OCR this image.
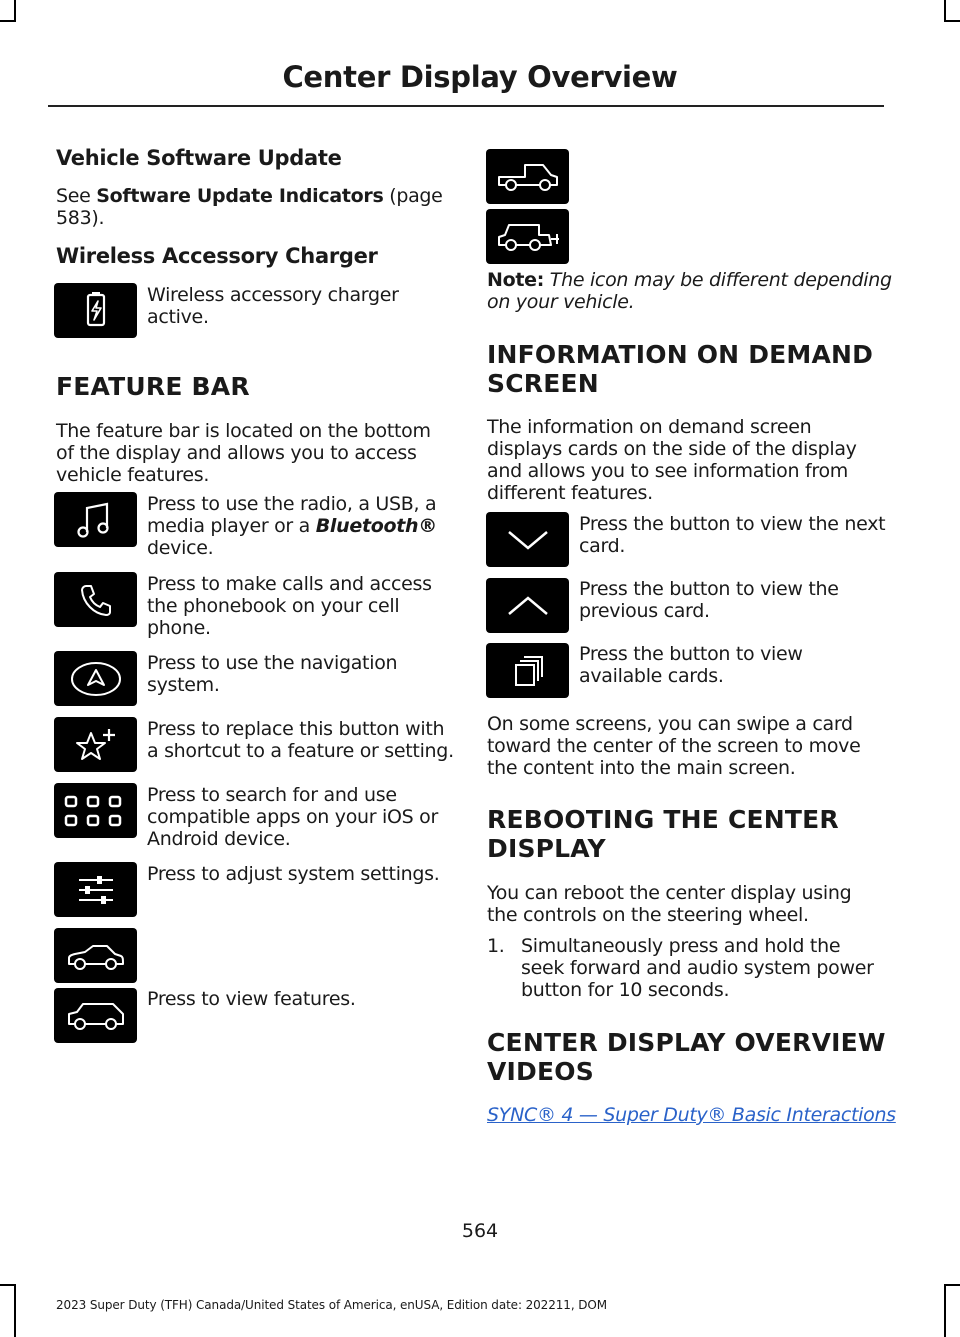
Center Display Overview
Vehicle Software Update
See Software Update Indicators (page
583).
Wireless Accessory Charger
Wireless accessory charger
active.
FEATURE BAR
The feature bar is located on the bottom
of the display and allows you to access
vehicle features.
Press to use the radio, a USB, a
media player or a Bluetooth®
device.
Press to make calls and access
the phonebook on your cell
phone.
Press to use the navigation
system.
Press to replace this button with
a shortcut to a feature or setting.
Press to search for and use
compatible apps on your iOS or
Android device.
Press to adjust system settings.
Press to view features.
Note: The icon may be different depending
on your vehicle.
INFORMATION ON DEMAND
SCREEN
The information on demand screen
displays cards on the side of the display
and allows you to see information from
different features.
Press the button to view the next
card.
Press the button to view the
previous card.
Press the button to view
available cards.
On some screens, you can swipe a card
toward the center of the screen to move
the content into the main screen.
REBOOTING THE CENTER
DISPLAY
You can reboot the center display using
the controls on the steering wheel.
1. Simultaneously press and hold the
seek forward and audio system power
button for 10 seconds.
CENTER DISPLAY OVERVIEW
VIDEOS
SYNC® 4 — Super Duty® Basic Interactions
564
2023 Super Duty (TFH) Canada/United States of America, enUSA, Edition date: 202211, DOM
